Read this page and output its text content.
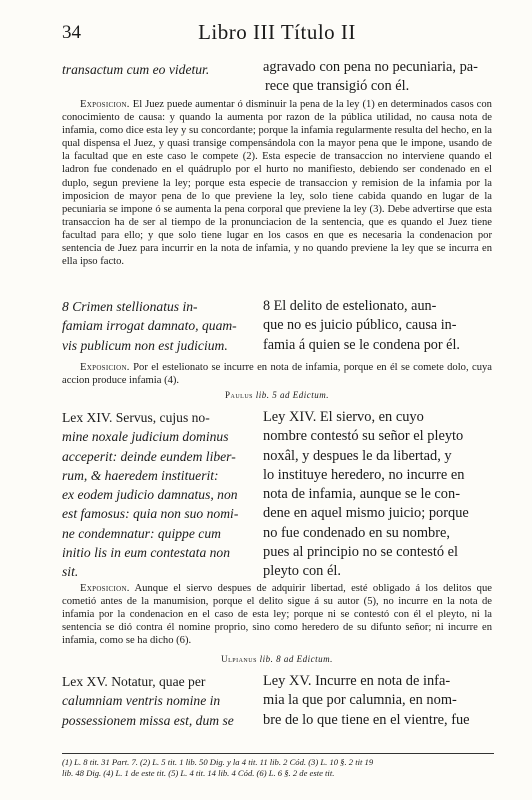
34	Libro III Título II
transactum cum eo videtur.	agravado con pena no pecuniaria, pa-
rece que transigió con él.
Exposicion. El Juez puede aumentar ó disminuir la pena de la ley (1) en determinados casos con conocimiento de causa: y quando la aumenta por razon de la pública utilidad, no causa nota de infamia, como dice esta ley y su concordante; porque la infamia regularmente resulta del hecho, en la qual dispensa el Juez, y quasi transige compensándola con la mayor pena que le impone, usando de la facultad que en este caso le compete (2). Esta especie de transaccion no interviene quando el ladron fue condenado en el quádruplo por el hurto no manifiesto, debiendo ser condenado en el duplo, segun previene la ley; porque esta especie de transaccion y remision de la infamia por la imposicion de mayor pena de lo que previene la ley, solo tiene cabida quando en lugar de la pecuniaria se impone ó se aumenta la pena corporal que previene la ley (3). Debe advertirse que esta transaccion ha de ser al tiempo de la pronunciacion de la sentencia, que es quando el Juez tiene facultad para ello; y que solo tiene lugar en los casos en que es necesaria la condenacion por sentencia de Juez para incurrir en la nota de infamia, y no quando previene la ley que se incurra en ella ipso facto.
8 Crimen stellionatus in-
famiam irrogat damnato, quam-
vis publicum non est judicium.
8 El delito de estelionato, aun-
que no es juicio público, causa in-
famia á quien se le condena por él.
Exposicion. Por el estelionato se incurre en nota de infamia, porque en él se comete dolo, cuya accion produce infamia (4).
Paulus lib. 5 ad Edictum.
Lex XIV. Servus, cujus no-
mine noxale judicium dominus
acceperit: deinde eundem liber-
rum, & haeredem instituerit:
ex eodem judicio damnatus, non
est famosus: quia non suo nomi-
ne condemnatur: quippe cum
initio lis in eum contestata non
sit.
Ley XIV. El siervo, en cuyo
nombre contestó su señor el pleyto
noxâl, y despues le da libertad, y
lo instituye heredero, no incurre en
nota de infamia, aunque se le con-
dene en aquel mismo juicio; porque
no fue condenado en su nombre,
pues al principio no se contestó el
pleyto con él.
Exposicion. Aunque el siervo despues de adquirir libertad, esté obligado á los delitos que cometió antes de la manumision, porque el delito sigue á su autor (5), no incurre en la nota de infamia por la condenacion en el caso de esta ley; porque ni se contestó con él el pleyto, ni la sentencia se dió contra él nomine proprio, sino como heredero de su difunto señor; ni incurre en infamia, como se ha dicho (6).
Ulpianus lib. 8 ad Edictum.
Lex XV. Notatur, quae per
calumniam ventris nomine in
possessionem missa est, dum se
Ley XV. Incurre en nota de infa-
mia la que por calumnia, en nom-
bre de lo que tiene en el vientre, fue
(1) L. 8 tit. 31 Part. 7. (2) L. 5 tit. 1 lib. 50 Dig. y la 4 tit. 11 lib. 2 Cód. (3) L. 10 §. 2 tit 19
lib. 48 Dig. (4) L. 1 de este tit. (5) L. 4 tit. 14 lib. 4 Cód. (6) L. 6 §. 2 de este tit.
